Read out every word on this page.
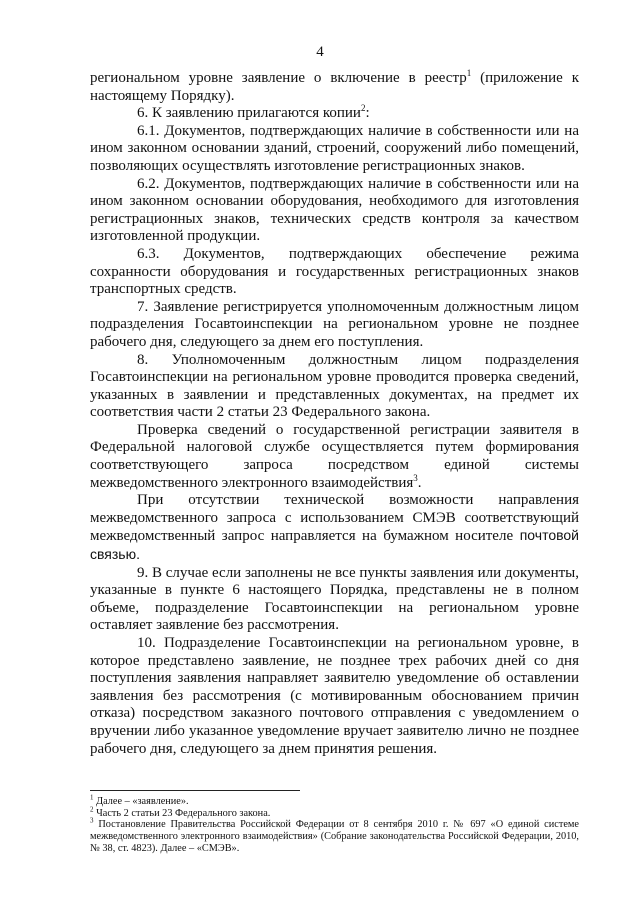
4

региональном уровне заявление о включение в реестр$^1$ (приложение к настоящему Порядку).

6. К заявлению прилагаются копии$^2$:

6.1. Документов, подтверждающих наличие в собственности или на ином законном основании зданий, строений, сооружений либо помещений, позволяющих осуществлять изготовление регистрационных знаков.

6.2. Документов, подтверждающих наличие в собственности или на ином законном основании оборудования, необходимого для изготовления регистрационных знаков, технических средств контроля за качеством изготовленной продукции.

6.3. Документов, подтверждающих обеспечение режима сохранности оборудования и государственных регистрационных знаков транспортных средств.

7. Заявление регистрируется уполномоченным должностным лицом подразделения Госавтоинспекции на региональном уровне не позднее рабочего дня, следующего за днем его поступления.

8. Уполномоченным должностным лицом подразделения Госавтоинспекции на региональном уровне проводится проверка сведений, указанных в заявлении и представленных документах, на предмет их соответствия части 2 статьи 23 Федерального закона.

Проверка сведений о государственной регистрации заявителя в Федеральной налоговой службе осуществляется путем формирования соответствующего запроса посредством единой системы межведомственного электронного взаимодействия$^3$.

При отсутствии технической возможности направления межведомственного запроса с использованием СМЭВ соответствующий межведомственный запрос направляется на бумажном носителе почтовой связью.

9. В случае если заполнены не все пункты заявления или документы, указанные в пункте 6 настоящего Порядка, представлены не в полном объеме, подразделение Госавтоинспекции на региональном уровне оставляет заявление без рассмотрения.

10. Подразделение Госавтоинспекции на региональном уровне, в которое представлено заявление, не позднее трех рабочих дней со дня поступления заявления направляет заявителю уведомление об оставлении заявления без рассмотрения (с мотивированным обоснованием причин отказа) посредством заказного почтового отправления с уведомлением о вручении либо указанное уведомление вручает заявителю лично не позднее рабочего дня, следующего за днем принятия решения.

$^1$ Далее – «заявление».

$^2$ Часть 2 статьи 23 Федерального закона.

$^3$ Постановление Правительства Российской Федерации от 8 сентября 2010 г. № 697 «О единой системе межведомственного электронного взаимодействия» (Собрание законодательства Российской Федерации, 2010, № 38, ст. 4823). Далее – «СМЭВ».
